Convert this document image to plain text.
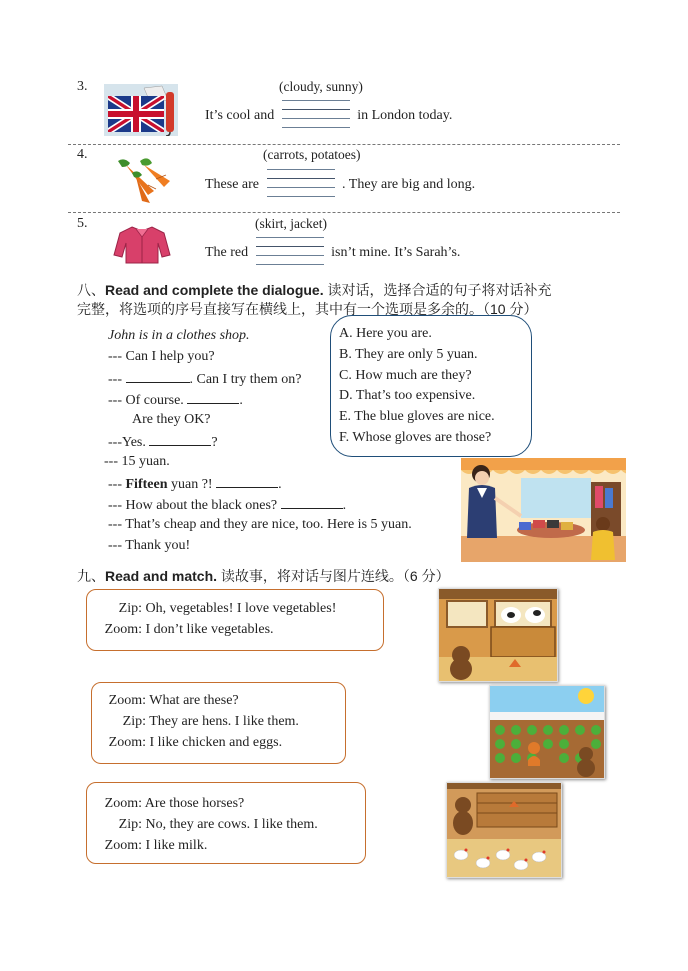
3.	(cloudy, sunny)
It’s cool and	in London today.
4.	(carrots, potatoes)
These are	. They are big and long.
5.	(skirt, jacket)
The red	isn’t mine. It’s Sarah’s.
八、Read and complete the dialogue. 读对话，选择合适的句子将对话补充
完整，将选项的序号直接写在横线上，其中有一个选项是多余的。（10 分）
John is in a clothes shop.
--- Can I help you?
---	. Can I try them on?
--- Of course.	.
Are they OK?
---Yes.	?
--- 15 yuan.
--- Fifteen yuan ?!	.
--- How about the black ones?	.
--- That’s cheap and they are nice, too. Here is 5 yuan.
--- Thank you!
A. Here you are.
B. They are only 5 yuan.
C. How much are they?
D. That’s too expensive.
E. The blue gloves are nice.
F. Whose gloves are those?
九、Read and match. 读故事，将对话与图片连线。（6 分）
Zip: Oh, vegetables! I love vegetables!
Zoom: I don’t like vegetables.
Zoom: What are these?
Zip: They are hens. I like them.
Zoom: I like chicken and eggs.
Zoom: Are those horses?
Zip: No, they are cows. I like them.
Zoom: I like milk.
